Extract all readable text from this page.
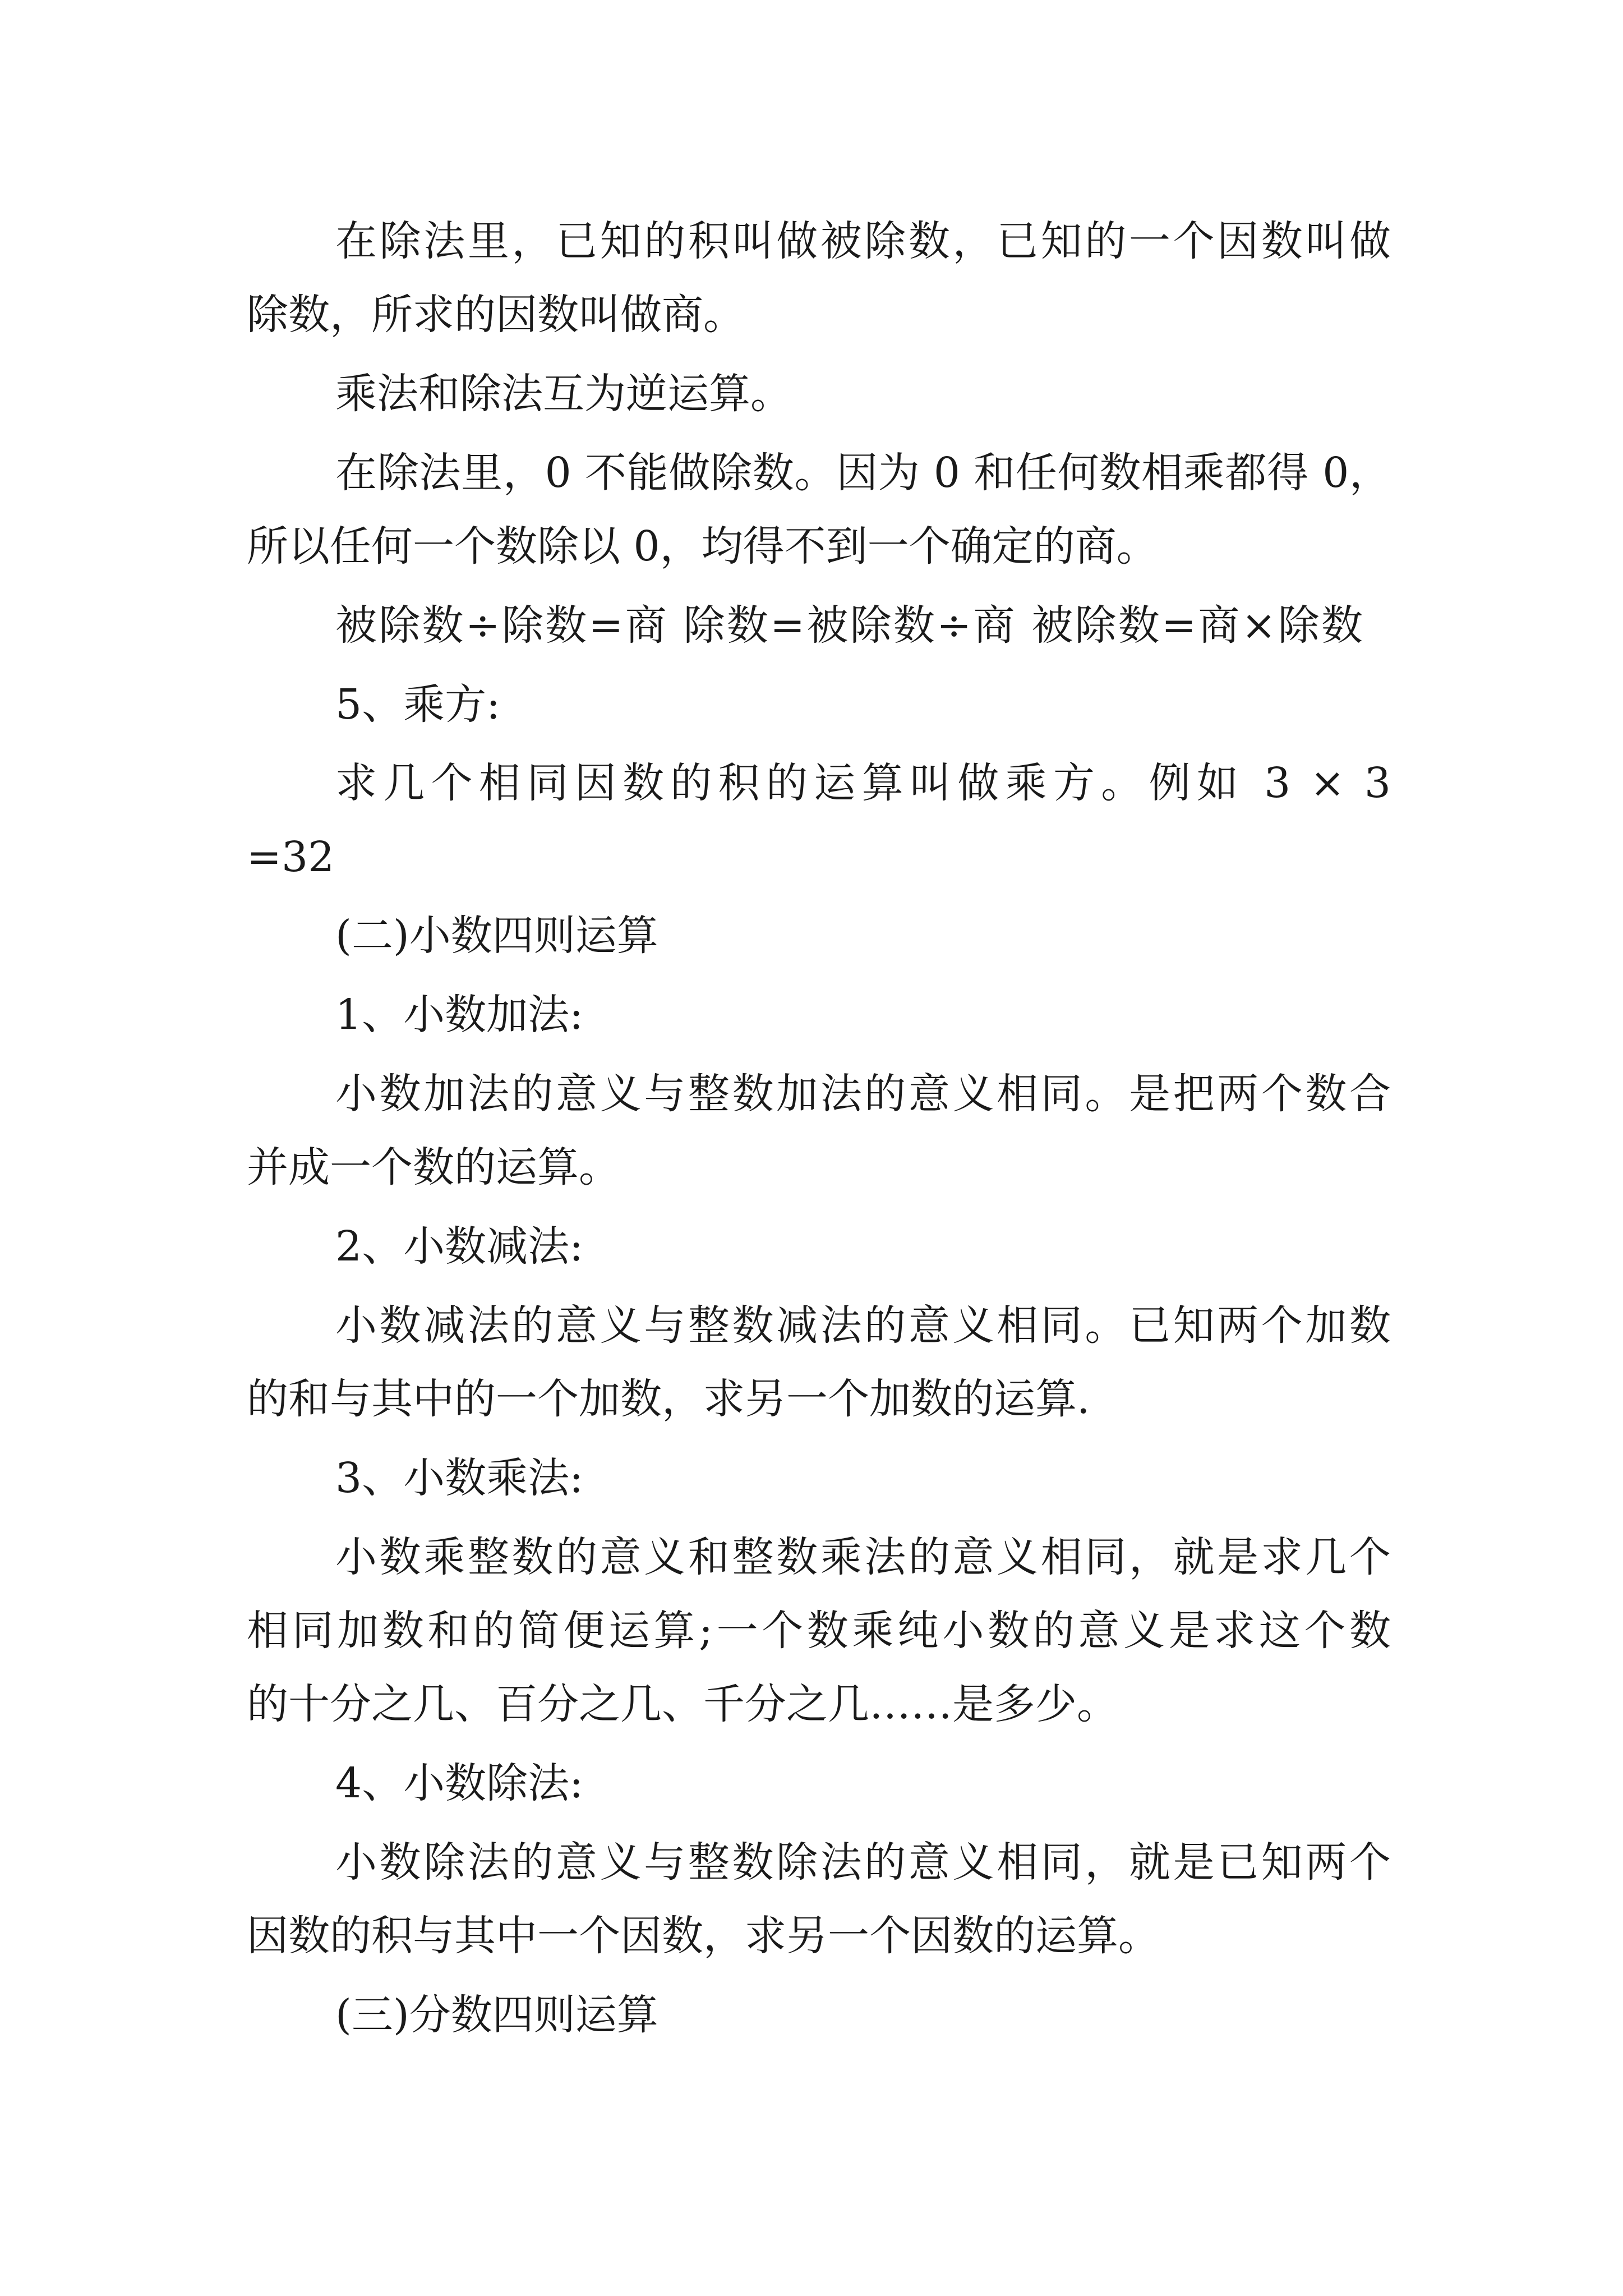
在除法里，已知的积叫做被除数，已知的一个因数叫做
除数，所求的因数叫做商。
乘法和除法互为逆运算。
在除法里，0 不能做除数。因为 0 和任何数相乘都得 0，
所以任何一个数除以 0，均得不到一个确定的商。
被除数÷除数=商 除数=被除数÷商 被除数=商×除数
5、乘方:
求几个相同因数的积的运算叫做乘方。例如 3 × 3
=32
(二)小数四则运算
1、小数加法:
小数加法的意义与整数加法的意义相同。是把两个数合
并成一个数的运算。
2、小数减法:
小数减法的意义与整数减法的意义相同。已知两个加数
的和与其中的一个加数，求另一个加数的运算.
3、小数乘法:
小数乘整数的意义和整数乘法的意义相同，就是求几个
相同加数和的简便运算;一个数乘纯小数的意义是求这个数
的十分之几、百分之几、千分之几……是多少。
4、小数除法:
小数除法的意义与整数除法的意义相同，就是已知两个
因数的积与其中一个因数，求另一个因数的运算。
(三)分数四则运算
